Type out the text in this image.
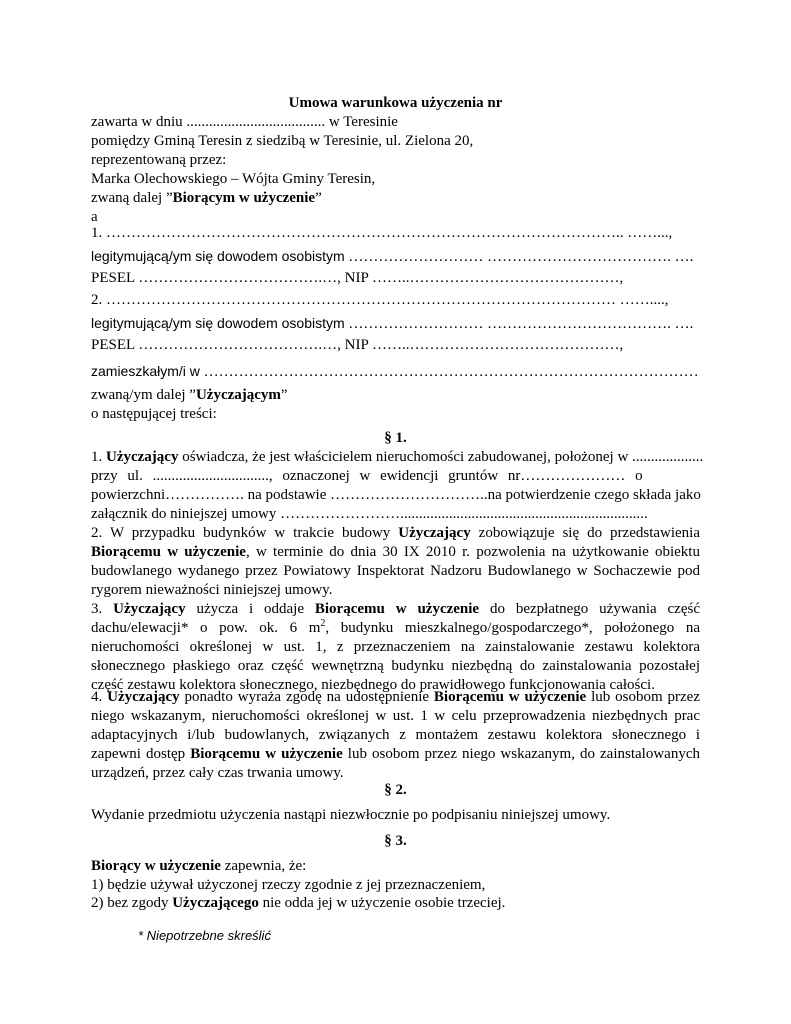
Umowa warunkowa użyczenia nr
zawarta w dniu ..................................... w Teresinie
pomiędzy Gminą Teresin z siedzibą w Teresinie, ul. Zielona 20,
reprezentowaną przez:
Marka Olechowskiego – Wójta Gminy Teresin,
zwaną dalej ”Biorącym w użyczenie”
a
1. ………………………………………………………………………………………….. ……...,
legitymującą/ym się dowodem osobistym ……………………… ………………………………. ….
PESEL ……………………………….…, NIP ……..……………………………………,
2. ………………………………………………………………………………………… ……....,
legitymującą/ym się dowodem osobistym ……………………… ………………………………. ….
PESEL ……………………………….…, NIP ……..……………………………………,
zamieszkałym/i w ………………………………………………………………………………………
zwaną/ym dalej ”Użyczającym”
o następującej treści:
§ 1.
1. Użyczający oświadcza, że jest właścicielem nieruchomości zabudowanej, położonej w ...................
przy ul. ..............................., oznaczonej w ewidencji gruntów nr………………… o
powierzchni……………. na podstawie …………………………..na potwierdzenie czego składa jako
załącznik do niniejszej umowy ……………………..................................................................
2. W przypadku budynków w trakcie budowy Użyczający zobowiązuje się do przedstawienia Biorącemu w użyczenie, w terminie do dnia 30 IX 2010 r. pozwolenia na użytkowanie obiektu budowlanego wydanego przez Powiatowy Inspektorat Nadzoru Budowlanego w Sochaczewie pod rygorem nieważności niniejszej umowy.
3. Użyczający użycza i oddaje Biorącemu w użyczenie do bezpłatnego używania część dachu/elewacji* o pow. ok. 6 $m^2$, budynku mieszkalnego/gospodarczego*, położonego na nieruchomości określonej w ust. 1, z przeznaczeniem na zainstalowanie zestawu kolektora słonecznego płaskiego oraz część wewnętrzną budynku niezbędną do zainstalowania pozostałej część zestawu kolektora słonecznego, niezbędnego do prawidłowego funkcjonowania całości.
4. Użyczający ponadto wyraża zgodę na udostępnienie Biorącemu w użyczenie lub osobom przez niego wskazanym, nieruchomości określonej w ust. 1 w celu przeprowadzenia niezbędnych prac adaptacyjnych i/lub budowlanych, związanych z montażem zestawu kolektora słonecznego i zapewni dostęp Biorącemu w użyczenie lub osobom przez niego wskazanym, do zainstalowanych urządzeń, przez cały czas trwania umowy.
§ 2.
Wydanie przedmiotu użyczenia nastąpi niezwłocznie po podpisaniu niniejszej umowy.
§ 3.
Biorący w użyczenie zapewnia, że:
1) będzie używał użyczonej rzeczy zgodnie z jej przeznaczeniem,
2) bez zgody Użyczającego nie odda jej w użyczenie osobie trzeciej.
* Niepotrzebne skreślić
